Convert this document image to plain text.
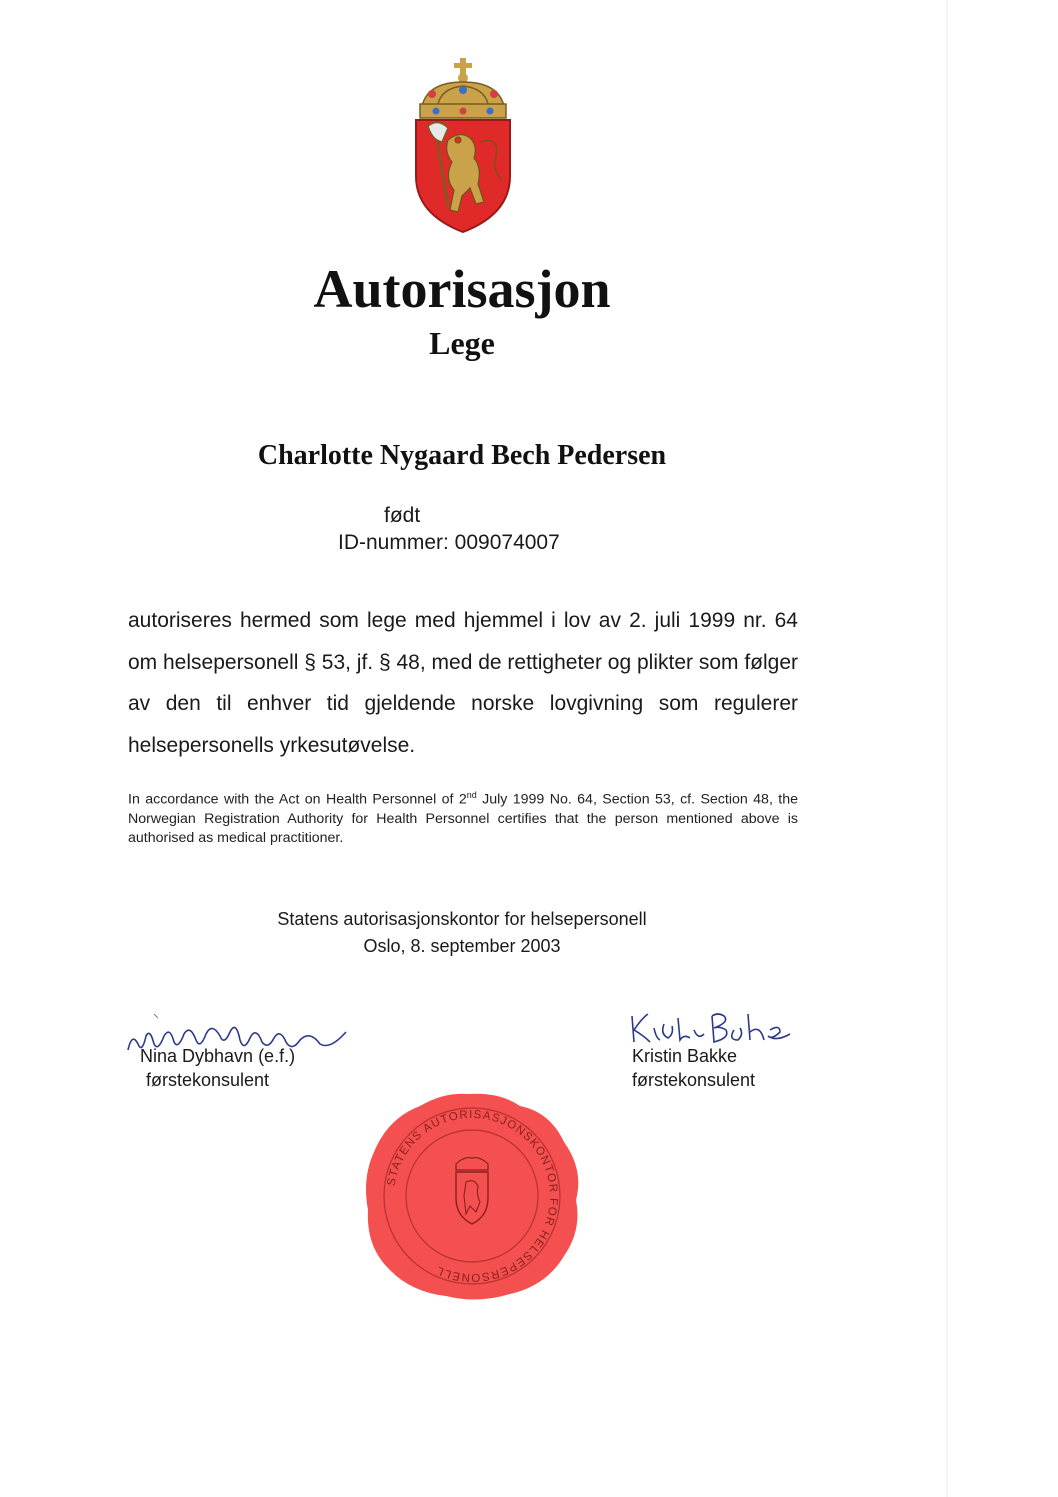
Autorisasjon
Lege
Charlotte Nygaard Bech Pedersen
født
ID-nummer: 009074007
autoriseres hermed som lege med hjemmel i lov av 2. juli 1999 nr. 64 om helsepersonell § 53, jf. § 48, med de rettigheter og plikter som følger av den til enhver tid gjeldende norske lovgivning som regulerer helsepersonells yrkesutøvelse.
In accordance with the Act on Health Personnel of 2nd July 1999 No. 64, Section 53, cf. Section 48, the Norwegian Registration Authority for Health Personnel certifies that the person mentioned above is authorised as medical practitioner.
Statens autorisasjonskontor for helsepersonell
Oslo, 8. september 2003
Nina Dybhavn (e.f.)
førstekonsulent
Kristin Bakke
førstekonsulent
STATENS AUTORISASJONSKONTOR FOR HELSEPERSONELL
